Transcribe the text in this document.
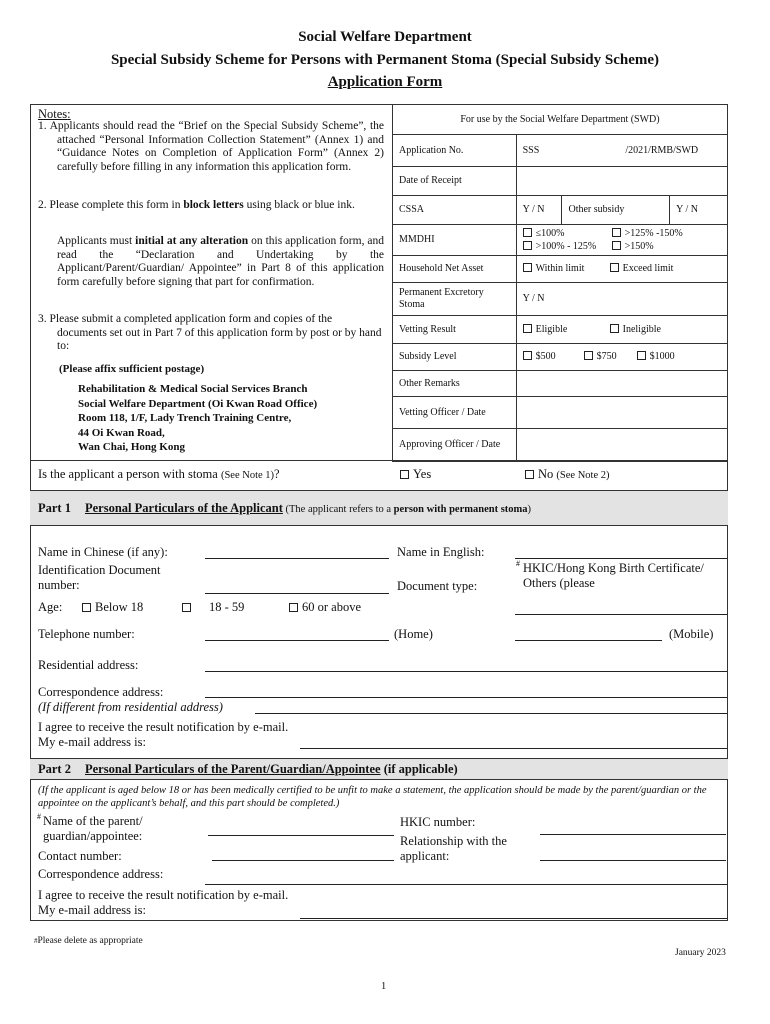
Social Welfare Department
Special Subsidy Scheme for Persons with Permanent Stoma (Special Subsidy Scheme)
Application Form
Notes:
1. Applicants should read the “Brief on the Special Subsidy Scheme”, the attached “Personal Information Collection Statement” (Annex 1) and “Guidance Notes on Completion of Application Form” (Annex 2) carefully before filling in any information this application form.
2. Please complete this form in block letters using black or blue ink.
Applicants must initial at any alteration on this application form, and read the “Declaration and Undertaking by the Applicant/Parent/Guardian/ Appointee” in Part 8 of this application form carefully before signing that part for confirmation.
3. Please submit a completed application form and copies of the documents set out in Part 7 of this application form by post or by hand to:
(Please affix sufficient postage)
Rehabilitation & Medical Social Services Branch
Social Welfare Department (Oi Kwan Road Office)
Room 118, 1/F, Lady Trench Training Centre,
44 Oi Kwan Road,
Wan Chai, Hong Kong
For use by the Social Welfare Department (SWD)			
Application No.	SSS /2021/RMB/SWD		
Date of Receipt			
CSSA	Y / N	Other subsidy	Y / N
MMDHI	≤100% >125% -150%
>100% - 125% >150%		

Household Net Asset	Within limit Exceed limit		
Permanent Excretory Stoma	Y / N		
Vetting Result	Eligible Ineligible		
Subsidy Level	$500 $750 $1000		
Other Remarks			
Vetting Officer / Date			
Approving Officer / Date			
Is the applicant a person with stoma (See Note 1)?	Yes	No (See Note 2)
Part 1 Personal Particulars of the Applicant (The applicant refers to a person with permanent stoma)
Name in Chinese (if any):	Name in English:
Identification Document number:	Document type:
# HKIC/Hong Kong Birth Certificate/ Others (please
Age:	Below 18	18 - 59	60 or above
Telephone number:	(Home)	(Mobile)
Residential address:
Correspondence address:
(If different from residential address)
I agree to receive the result notification by e-mail. My e-mail address is:
Part 2 Personal Particulars of the Parent/Guardian/Appointee (if applicable)
(If the applicant is aged below 18 or has been medically certified to be unfit to make a statement, the application should be made by the parent/guardian or the appointee on the applicant’s behalf, and this part should be completed.)
# Name of the parent/ guardian/appointee:
HKIC number:
Relationship with the applicant:
Contact number:
Correspondence address:
I agree to receive the result notification by e-mail. My e-mail address is:
#Please delete as appropriate
January 2023
1
